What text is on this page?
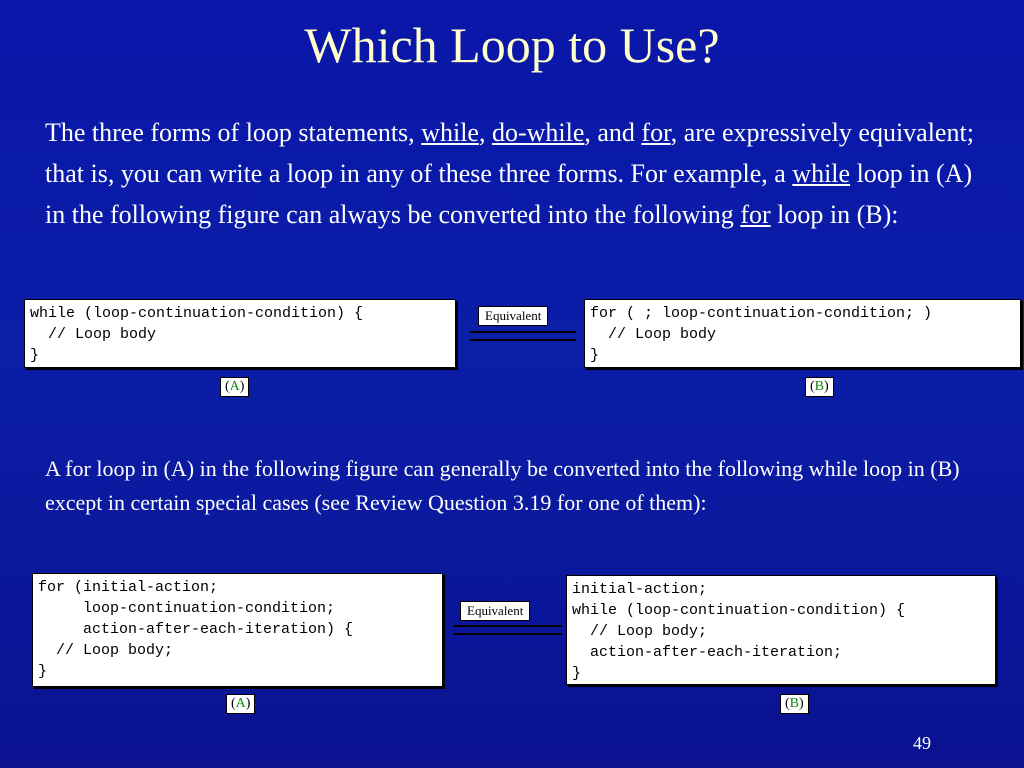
Which Loop to Use?
The three forms of loop statements, while, do-while, and for, are expressively equivalent; that is, you can write a loop in any of these three forms. For example, a while loop in (A) in the following figure can always be converted into the following for loop in (B):
while (loop-continuation-condition) {
// Loop body
}
Equivalent	for ( ; loop-continuation-condition; )
// Loop body
}
(A)	(B)
A for loop in (A) in the following figure can generally be converted into the following while loop in (B) except in certain special cases (see Review Question 3.19 for one of them):
for (initial-action;
loop-continuation-condition;
action-after-each-iteration) {
// Loop body;
}
Equivalent
initial-action;
while (loop-continuation-condition) {
// Loop body;
action-after-each-iteration;
}
(A)	(B)
49
